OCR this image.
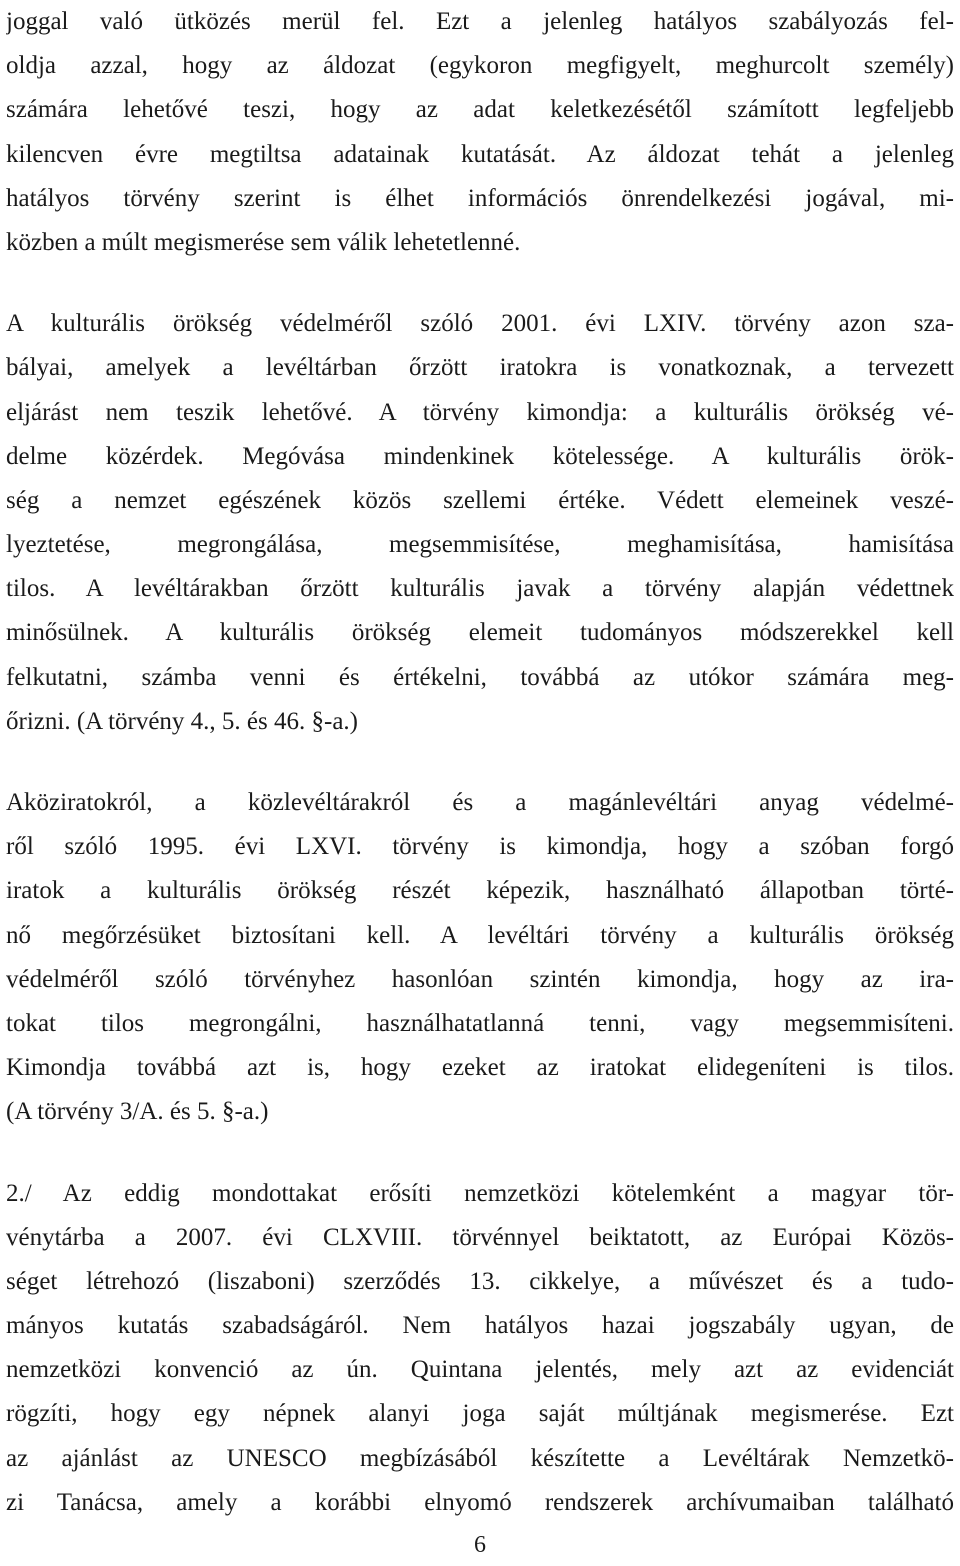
joggal való ütközés merül fel. Ezt a jelenleg hatályos szabályozás fel-
oldja azzal, hogy az áldozat (egykoron megfigyelt, meghurcolt személy)
számára lehetővé teszi, hogy az adat keletkezésétől számított legfeljebb
kilencven évre megtiltsa adatainak kutatását. Az áldozat tehát a jelenleg
hatályos törvény szerint is élhet információs önrendelkezési jogával, mi-
közben a múlt megismerése sem válik lehetetlenné.
A kulturális örökség védelméről szóló 2001. évi LXIV. törvény azon sza-
bályai, amelyek a levéltárban őrzött iratokra is vonatkoznak, a tervezett
eljárást nem teszik lehetővé. A törvény kimondja: a kulturális örökség vé-
delme közérdek. Megóvása mindenkinek kötelessége. A kulturális örök-
ség a nemzet egészének közös szellemi értéke. Védett elemeinek veszé-
lyeztetése, megrongálása, megsemmisítése, meghamisítása, hamisítása
tilos. A levéltárakban őrzött kulturális javak a törvény alapján védettnek
minősülnek. A kulturális örökség elemeit tudományos módszerekkel kell
felkutatni, számba venni és értékelni, továbbá az utókor számára meg-
őrizni. (A törvény 4., 5. és 46. §-a.)
Aköziratokról, a közlevéltárakról és a magánlevéltári anyag védelmé-
ről szóló 1995. évi LXVI. törvény is kimondja, hogy a szóban forgó
iratok a kulturális örökség részét képezik, használható állapotban törté-
nő megőrzésüket biztosítani kell. A levéltári törvény a kulturális örökség
védelméről szóló törvényhez hasonlóan szintén kimondja, hogy az ira-
tokat tilos megrongálni, használhatatlanná tenni, vagy megsemmisíteni.
Kimondja továbbá azt is, hogy ezeket az iratokat elidegeníteni is tilos.
(A törvény 3/A. és 5. §-a.)
2./ Az eddig mondottakat erősíti nemzetközi kötelemként a magyar tör-
vénytárba a 2007. évi CLXVIII. törvénnyel beiktatott, az Európai Közös-
séget létrehozó (liszaboni) szerződés 13. cikkelye, a művészet és a tudo-
mányos kutatás szabadságáról. Nem hatályos hazai jogszabály ugyan, de
nemzetközi konvenció az ún. Quintana jelentés, mely azt az evidenciát
rögzíti, hogy egy népnek alanyi joga saját múltjának megismerése. Ezt
az ajánlást az UNESCO megbízásából készítette a Levéltárak Nemzetkö-
zi Tanácsa, amely a korábbi elnyomó rendszerek archívumaiban található
6
